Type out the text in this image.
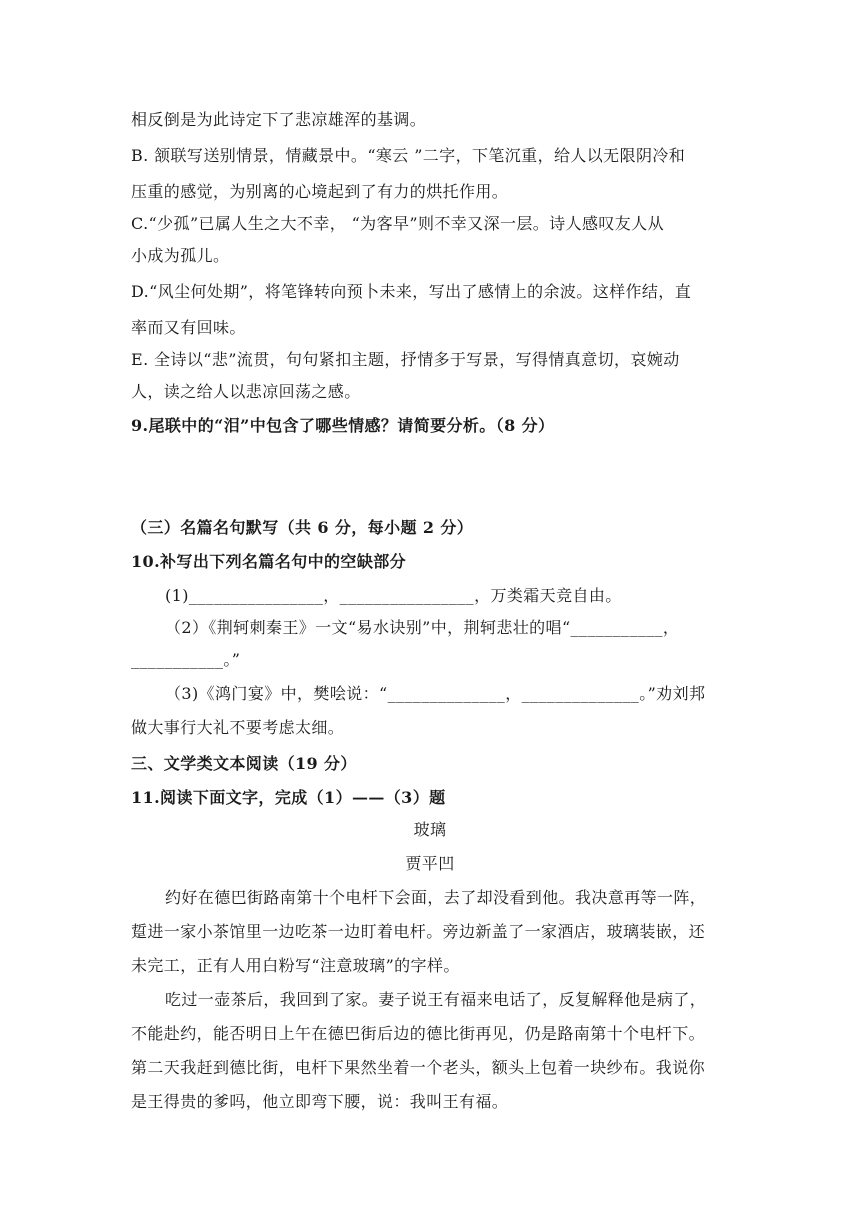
相反倒是为此诗定下了悲凉雄浑的基调。
B. 颔联写送别情景，情藏景中。“寒云 ”二字，下笔沉重，给人以无限阴冷和
压重的感觉，为别离的心境起到了有力的烘托作用。
C.“少孤”已属人生之大不幸， “为客早”则不幸又深一层。诗人感叹友人从
小成为孤儿。
D.“风尘何处期”，将笔锋转向预卜未来，写出了感情上的余波。这样作结，直
率而又有回味。
E. 全诗以“悲”流贯，句句紧扣主题，抒情多于写景，写得情真意切，哀婉动
人，读之给人以悲凉回荡之感。
9.尾联中的“泪”中包含了哪些情感？请简要分析。（8 分）
（三）名篇名句默写（共 6 分，每小题 2 分）
10.补写出下列名篇名句中的空缺部分
(1)________________，________________，万类霜天竞自由。
（2）《荆轲刺秦王》一文“易水诀别”中，荆轲悲壮的唱“___________，
___________。”
（3)《鸿门宴》中，樊哙说：“______________，______________。”劝刘邦
做大事行大礼不要考虑太细。
三、文学类文本阅读（19 分）
11.阅读下面文字，完成（1）——（3）题
玻璃
贾平凹
约好在德巴街路南第十个电杆下会面，去了却没看到他。我决意再等一阵，
踅进一家小茶馆里一边吃茶一边盯着电杆。旁边新盖了一家酒店，玻璃装嵌，还
未完工，正有人用白粉写“注意玻璃”的字样。
吃过一壶茶后，我回到了家。妻子说王有福来电话了，反复解释他是病了，
不能赴约，能否明日上午在德巴街后边的德比街再见，仍是路南第十个电杆下。
第二天我赶到德比街，电杆下果然坐着一个老头，额头上包着一块纱布。我说你
是王得贵的爹吗，他立即弯下腰，说：我叫王有福。
